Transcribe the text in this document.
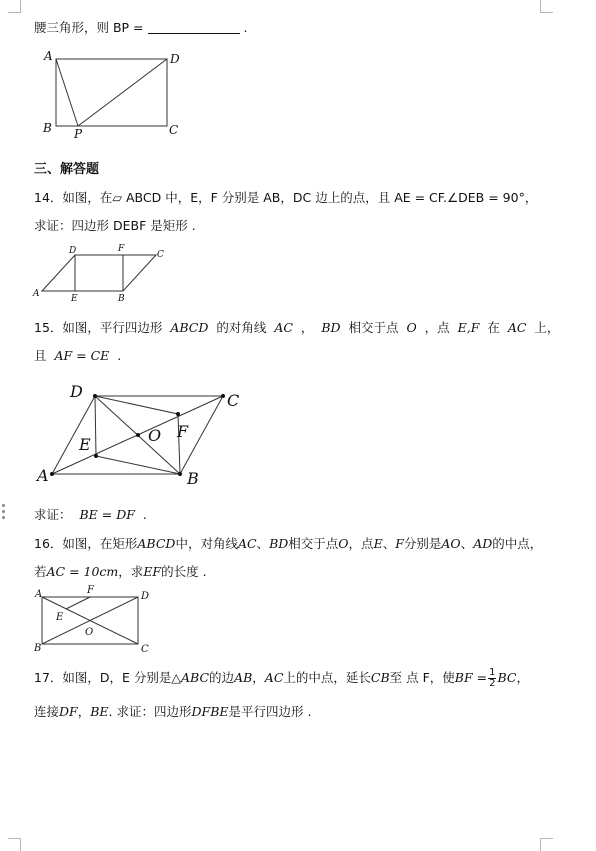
腰三角形，则 BP =	.
A	D
B P	C
三、解答题
14．如图，在▱ ABCD 中，E，F 分别是 AB，DC 边上的点，且 AE = CF.∠DEB = 90°，
求证：四边形 DEBF 是矩形 .
D	F
C
A	E	B
15．如图，平行四边形 ABCD 的对角线 AC ， BD 相交于点 O ，点 E,F 在 AC 上，
且 AF = CE .
D	C
O F
E
A	B
求证： BE = DF .
16．如图，在矩形ABCD中，对角线AC、BD相交于点O，点E、F分别是AO、AD的中点，
若AC = 10cm，求EF的长度 .
A	F
D
E
O
B	C
17．如图，D，E 分别是△ABC的边AB，AC上的中点，延长CB至 点 F，使BF = $\frac{1}{2}$ BC，
连接DF，BE. 求证：四边形DFBE是平行四边形 .
